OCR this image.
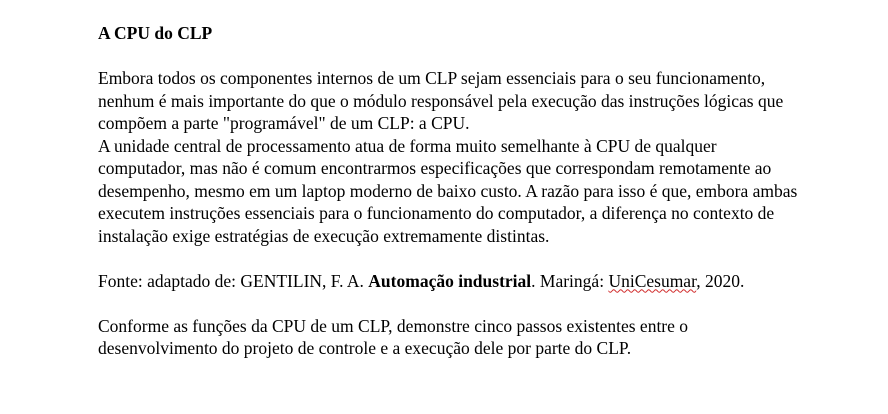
A CPU do CLP

Embora todos os componentes internos de um CLP sejam essenciais para o seu funcionamento, nenhum é mais importante do que o módulo responsável pela execução das instruções lógicas que compõem a parte "programável" de um CLP: a CPU.

A unidade central de processamento atua de forma muito semelhante à CPU de qualquer computador, mas não é comum encontrarmos especificações que correspondam remotamente ao desempenho, mesmo em um laptop moderno de baixo custo. A razão para isso é que, embora ambas executem instruções essenciais para o funcionamento do computador, a diferença no contexto de instalação exige estratégias de execução extremamente distintas.

Fonte: adaptado de: GENTILIN, F. A. Automação industrial. Maringá: UniCesumar, 2020.

Conforme as funções da CPU de um CLP, demonstre cinco passos existentes entre o desenvolvimento do projeto de controle e a execução dele por parte do CLP.
